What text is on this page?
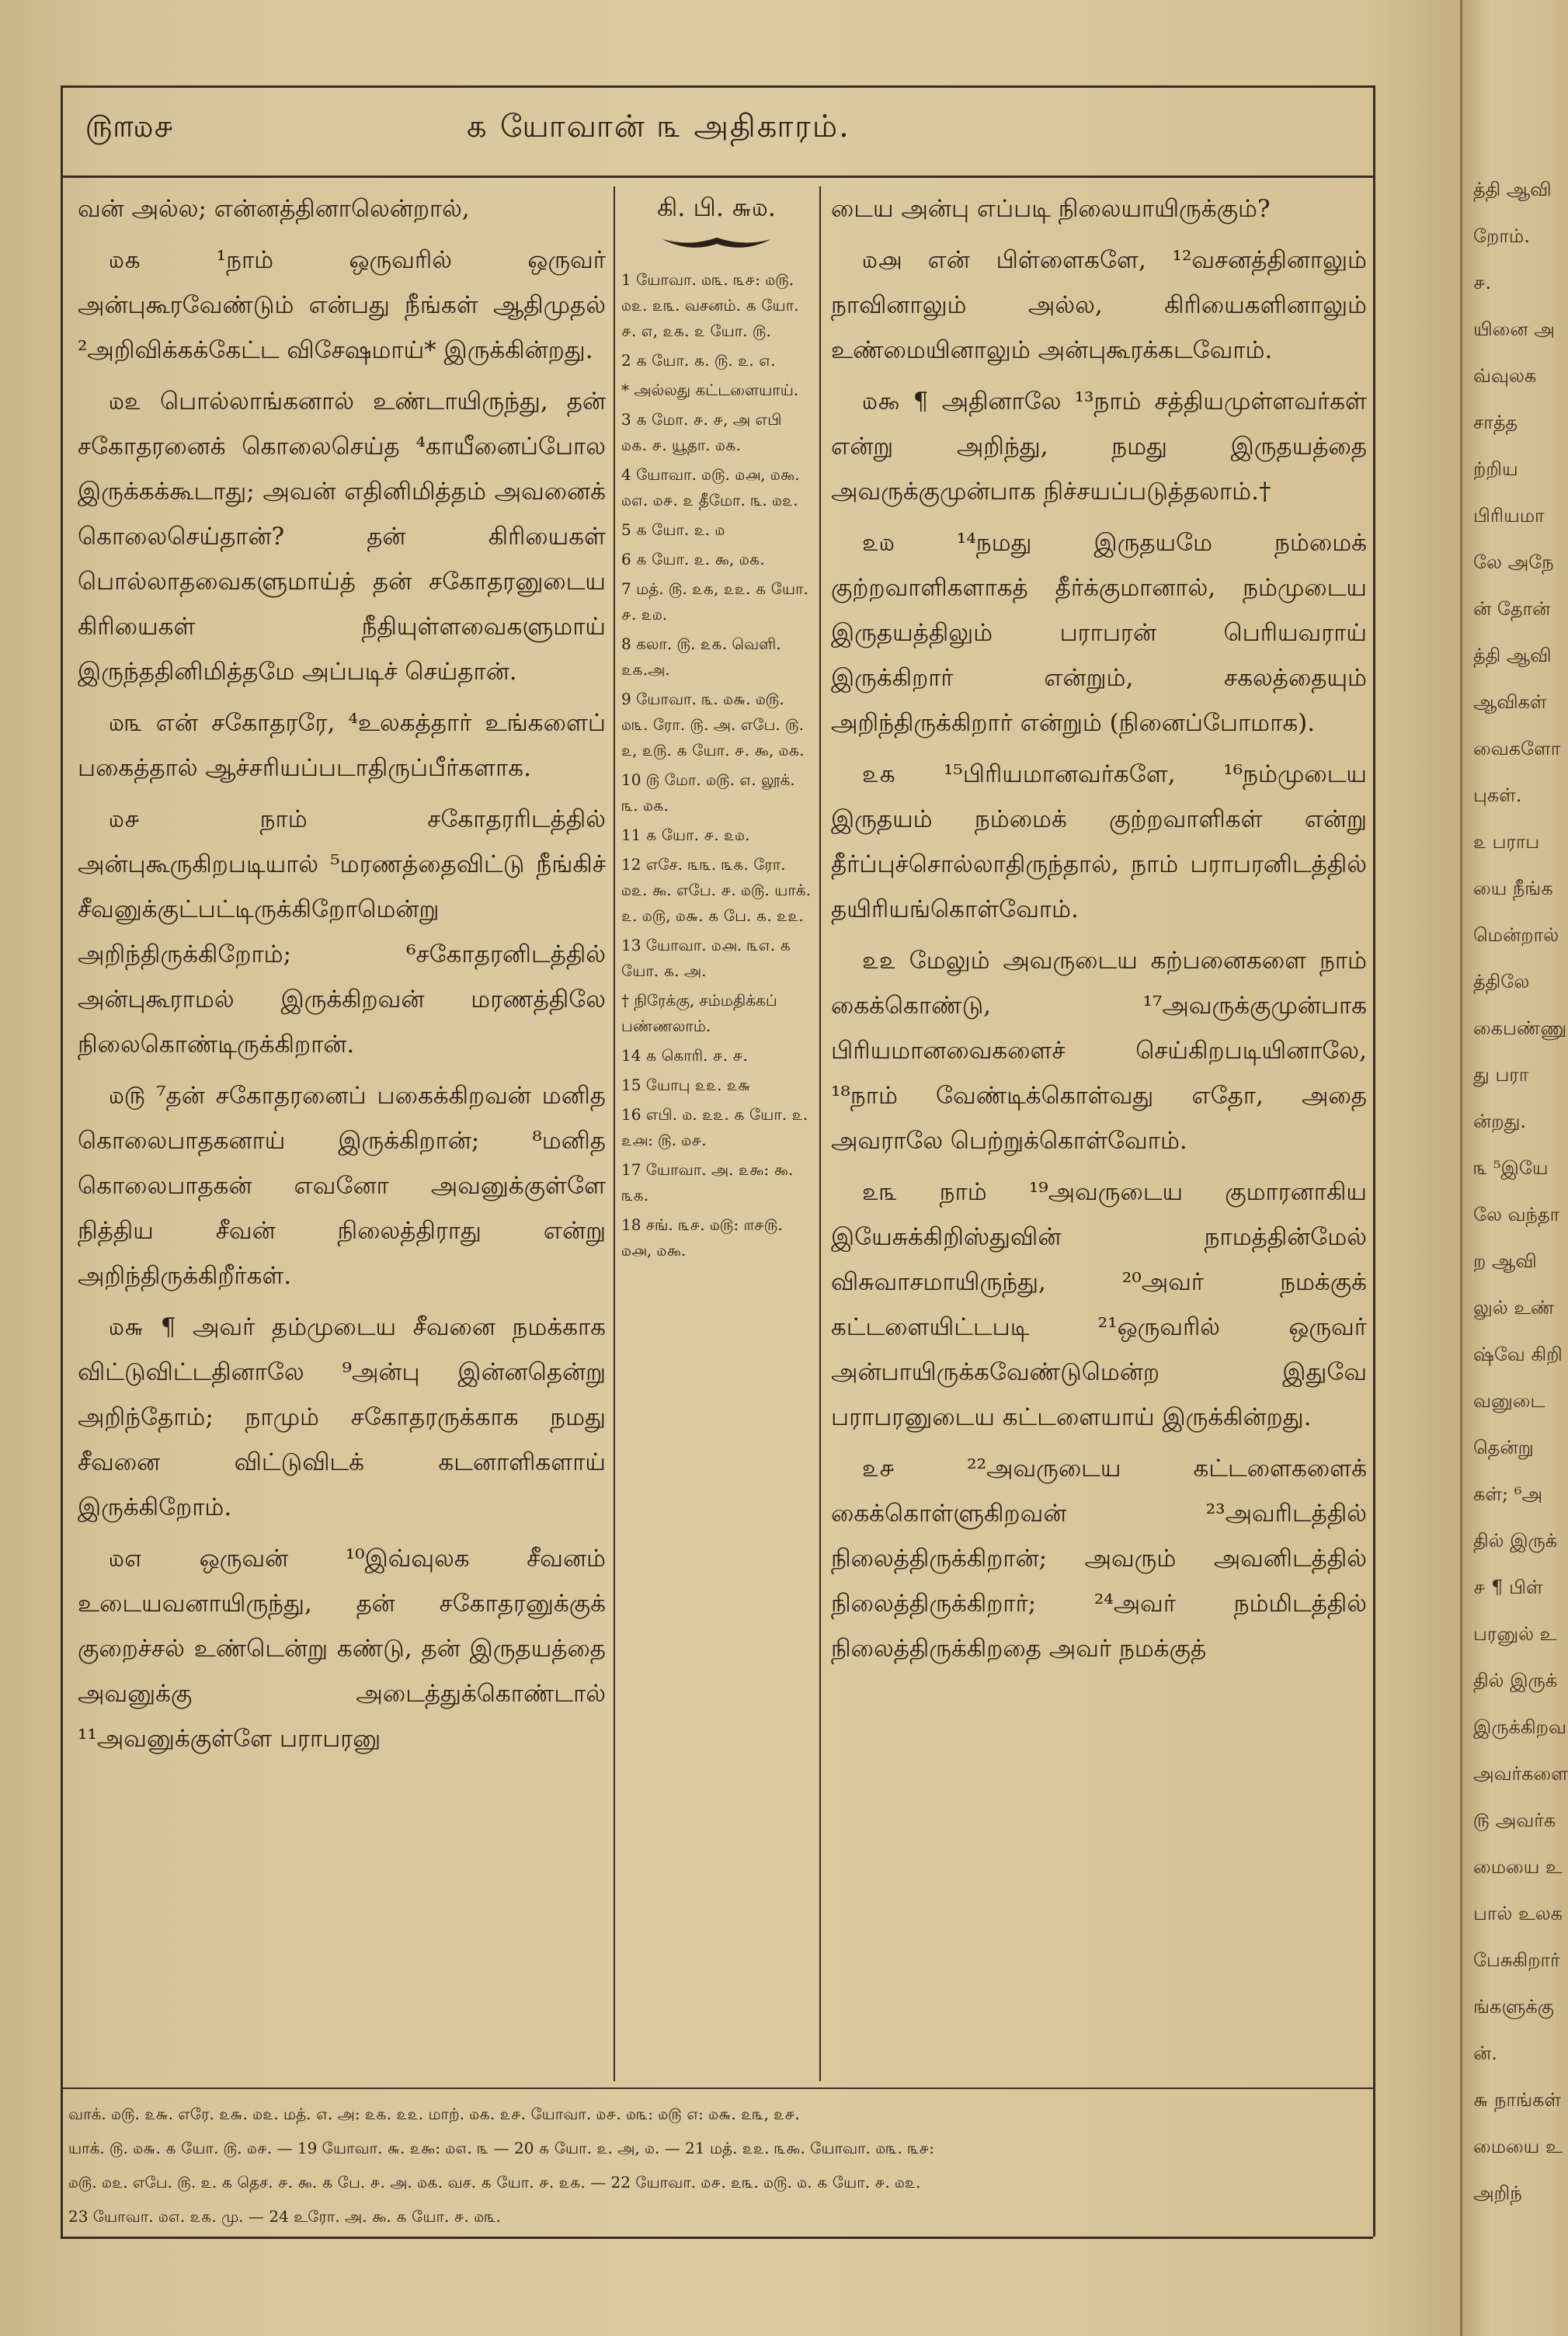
௫௱௰௪	௧ யோவான் ௩ அதிகாரம்.

வன் அல்ல; என்னத்தினாலென்றால்,

௰௧ ¹நாம் ஒருவரில் ஒருவர் அன்புகூரவேண்டும் என்பது நீங்கள் ஆதிமுதல் ²அறிவிக்கக்கேட்ட விசேஷமாய்* இருக்கின்றது.

௰௨ பொல்லாங்கனால் உண்டாயிருந்து, தன் சகோதரனைக் கொலைசெய்த ⁴காயீனைப்போல இருக்கக்கூடாது; அவன் எதினிமித்தம் அவனைக் கொலைசெய்தான்? தன் கிரியைகள் பொல்லாதவைகளுமாய்த் தன் சகோதரனுடைய கிரியைகள் நீதியுள்ளவைகளுமாய் இருந்ததினிமித்தமே அப்படிச் செய்தான்.

௰௩ என் சகோதரரே, ⁴உலகத்தார் உங்களைப் பகைத்தால் ஆச்சரியப்படாதிருப்பீர்களாக.

௰௪ நாம் சகோதரரிடத்தில் அன்புகூருகிறபடியால் ⁵மரணத்தைவிட்டு நீங்கிச் சீவனுக்குட்பட்டிருக்கிறோமென்று அறிந்திருக்கிறோம்; ⁶சகோதரனிடத்தில் அன்புகூராமல் இருக்கிறவன் மரணத்திலே நிலைகொண்டிருக்கிறான்.

௰௫ ⁷தன் சகோதரனைப் பகைக்கிறவன் மனித கொலைபாதகனாய் இருக்கிறான்; ⁸மனித கொலைபாதகன் எவனோ அவனுக்குள்ளே நித்திய சீவன் நிலைத்திராது என்று அறிந்திருக்கிறீர்கள்.

௰௬ ¶ அவர் தம்முடைய சீவனை நமக்காக விட்டுவிட்டதினாலே ⁹அன்பு இன்னதென்று அறிந்தோம்; நாமும் சகோதரருக்காக நமது சீவனை விட்டுவிடக் கடனாளிகளாய் இருக்கிறோம்.

௰௭ ஒருவன் ¹⁰இவ்வுலக சீவனம் உடையவனாயிருந்து, தன் சகோதரனுக்குக் குறைச்சல் உண்டென்று கண்டு, தன் இருதயத்தை அவனுக்கு அடைத்துக்கொண்டால் ¹¹அவனுக்குள்ளே பராபரனு

கி. பி. ௬௰.

1 யோவா. ௰௩. ௩௪: ௰௫. ௰௨. ௨௩. வசனம். ௧ யோ. ௪. ௭, ௨௧. ௨ யோ. ௫.

2 ௧ யோ. ௧. ௫. ௨. ௭.

* அல்லது கட்டளையாய்.

3 ௧ மோ. ௪. ௪, அ எபி ௰௧. ௪. யூதா. ௰௧.

4 யோவா. ௰௫. ௰௮, ௰௯. ௰௭. ௰௪. ௨ தீமோ. ௩. ௰௨.

5 ௧ யோ. ௨. ௰

6 ௧ யோ. ௨. ௯, ௰௧.

7 மத். ௫. ௨௧, ௨௨. ௧ யோ. ௪. ௨௰.

8 கலா. ௫. ௨௧. வெளி. ௨௧.அ.

9 யோவா. ௩. ௰௬. ௰௫. ௰௩. ரோ. ௫. அ. எபே. ௫. ௨, ௨௫. ௧ யோ. ௪. ௯, ௰௧.

10 ௫ மோ. ௰௫. ௭. லூக். ௩. ௰௧.

11 ௧ யோ. ௪. ௨௰.

12 எசே. ௩௩. ௩௧. ரோ. ௰௨. ௯. எபே. ௪. ௰௫. யாக். ௨. ௰௫, ௰௬. ௧ பே. ௧. ௨௨.

13 யோவா. ௰௮. ௩௭. ௧ யோ. ௧. அ.

† நிரேக்கு, சம்மதிக்கப் பண்ணலாம்.

14 ௧ கொரி. ௪. ௪.

15 யோபு ௨௨. ௨௬

16 எபி. ௰. ௨௨. ௧ யோ. ௨. ௨௮: ௫. ௰௪.

17 யோவா. அ. ௨௯: ௯. ௩௧.

18 சங். ௩௪. ௰௫: ௱௪௫. ௰௮, ௰௯.

டைய அன்பு எப்படி நிலையாயிருக்கும்?

௰௮ என் பிள்ளைகளே, ¹²வசனத்தினாலும் நாவினாலும் அல்ல, கிரியைகளினாலும் உண்மையினாலும் அன்புகூரக்கடவோம்.

௰௯ ¶ அதினாலே ¹³நாம் சத்தியமுள்ளவர்கள் என்று அறிந்து, நமது இருதயத்தை அவருக்குமுன்பாக நிச்சயப்படுத்தலாம்.†

௨௰ ¹⁴நமது இருதயமே நம்மைக் குற்றவாளிகளாகத் தீர்க்குமானால், நம்முடைய இருதயத்திலும் பராபரன் பெரியவராய் இருக்கிறார் என்றும், சகலத்தையும் அறிந்திருக்கிறார் என்றும் (நினைப்போமாக).

௨௧ ¹⁵பிரியமானவர்களே, ¹⁶நம்முடைய இருதயம் நம்மைக் குற்றவாளிகள் என்று தீர்ப்புச்சொல்லாதிருந்தால், நாம் பராபரனிடத்தில் தயிரியங்கொள்வோம்.

௨௨ மேலும் அவருடைய கற்பனைகளை நாம் கைக்கொண்டு, ¹⁷அவருக்குமுன்பாக பிரியமானவைகளைச் செய்கிறபடியினாலே, ¹⁸நாம் வேண்டிக்கொள்வது எதோ, அதை அவராலே பெற்றுக்கொள்வோம்.

௨௩ நாம் ¹⁹அவருடைய குமாரனாகிய இயேசுக்கிறிஸ்துவின் நாமத்தின்மேல் விசுவாசமாயிருந்து, ²⁰அவர் நமக்குக் கட்டளையிட்டபடி ²¹ஒருவரில் ஒருவர் அன்பாயிருக்கவேண்டுமென்ற இதுவே பராபரனுடைய கட்டளையாய் இருக்கின்றது.

௨௪ ²²அவருடைய கட்டளைகளைக் கைக்கொள்ளுகிறவன் ²³அவரிடத்தில் நிலைத்திருக்கிறான்; அவரும் அவனிடத்தில் நிலைத்திருக்கிறார்; ²⁴அவர் நம்மிடத்தில் நிலைத்திருக்கிறதை அவர் நமக்குத்

வாக். ௰௫. ௨௬. எரே. ௨௬. ௰௨. மத். ௭. அ: ௨௧. ௨௨. மாற். ௰௧. ௨௪. யோவா. ௰௪. ௰௩: ௰௫ ௭: ௰௬. ௨௩, ௨௪.
யாக். ௫. ௰௬. ௧ யோ. ௫. ௰௪. — 19 யோவா. ௬. ௨௯: ௰௭. ௩ — 20 ௧ யோ. ௨. அ, ௰. — 21 மத். ௨௨. ௩௯. யோவா. ௰௩. ௩௪:
௰௫. ௰௨. எபே. ௫. ௨. ௧ தெச. ௪. ௯. ௧ பே. ௪. அ. ௰௧. வச. ௧ யோ. ௪. ௨௧. — 22 யோவா. ௰௪. ௨௩. ௰௫. ௰. ௧ யோ. ௪. ௰௨.
23 யோவா. ௰௭. ௨௧. மு. — 24 உரோ. அ. ௯. ௧ யோ. ௪. ௰௩.
த்தி ஆவி
றோம்.
௪.
யினை அ
வ்வுலக
சாத்த
ற்றிய
பிரியமா
லே அநே
ன் தோன்
த்தி ஆவி
ஆவிகள்
வைகளோ
புகள்.
௨ பராப
யை நீங்க
மென்றால்
த்திலே
கைபண்ணு
து பரா
ன்றது.
௩ ⁵இயே
லே வந்தா
ற ஆவி
லுல் உண்
ஷ்வே கிறி
வனுடை
தென்று
கள்; ⁶அ
தில் இருக்
௪ ¶ பிள்
பரனுல் உ
தில் இருக்
இருக்கிறவ
அவர்களை
௫ அவர்க
மையை உ
பால் உலக
பேசுகிறார்
ங்களுக்கு
ன்.
௬ நாங்கள்
மையை உ
அறிந்
